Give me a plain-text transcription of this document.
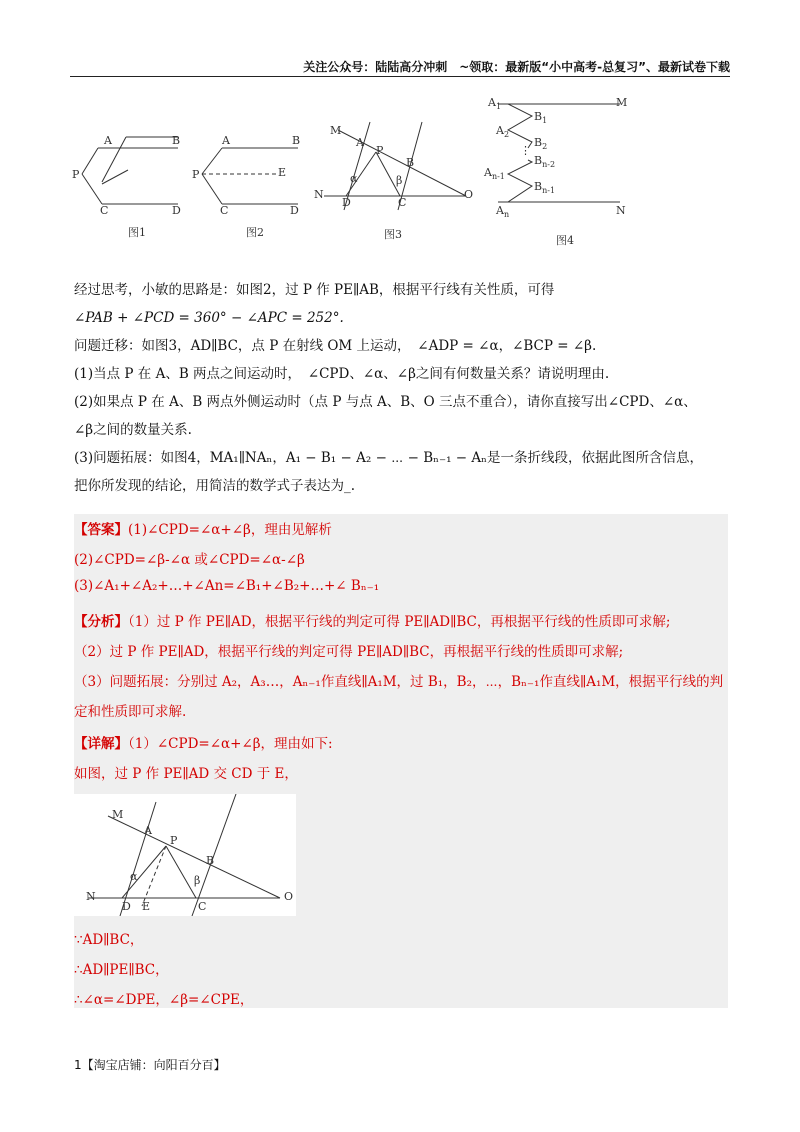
关注公众号：陆陆高分冲刺　~领取：最新版“小中高考-总复习”、最新试卷下载
图1
A	B
P
C	D
图2
A	B
P	E
C	D
图3
M
A
P
B
N
D	C
O
α	β
图4
$A_1$	M
$B_1$
$A_2$
$B_2$
⋮
$B_{n-2}$
$A_{n-1}$
$B_{n-1}$
$A_n$	N
经过思考，小敏的思路是：如图2，过 P 作 PE∥AB，根据平行线有关性质，可得
∠PAB + ∠PCD = 360° − ∠APC = 252°.
问题迁移：如图3，AD∥BC，点 P 在射线 OM 上运动，　∠ADP = ∠α，∠BCP = ∠β.
(1)当点 P 在 A、B 两点之间运动时，　∠CPD、∠α、∠β之间有何数量关系？请说明理由.
(2)如果点 P 在 A、B 两点外侧运动时（点 P 与点 A、B、O 三点不重合），请你直接写出∠CPD、∠α、
∠β之间的数量关系.
(3)问题拓展：如图4，MA₁∥NAₙ，A₁ − B₁ − A₂ − ⋯ − Bₙ₋₁ − Aₙ是一条折线段，依据此图所含信息，
把你所发现的结论，用简洁的数学式子表达为_.
【答案】(1)∠CPD=∠α+∠β，理由见解析
(2)∠CPD=∠β-∠α 或∠CPD=∠α-∠β
(3)∠A₁+∠A₂+…+∠An=∠B₁+∠B₂+…+∠ Bₙ₋₁
【分析】（1）过 P 作 PE∥AD，根据平行线的判定可得 PE∥AD∥BC，再根据平行线的性质即可求解;
（2）过 P 作 PE∥AD，根据平行线的判定可得 PE∥AD∥BC，再根据平行线的性质即可求解;
（3）问题拓展：分别过 A₂，A₃…，Aₙ₋₁作直线∥A₁M，过 B₁，B₂，⋯，Bₙ₋₁作直线∥A₁M，根据平行线的判
定和性质即可求解.
【详解】（1）∠CPD=∠α+∠β，理由如下:
如图，过 P 作 PE∥AD 交 CD 于 E，
M
A
P
B
N
D E	C
O
α	β
∵AD∥BC，
∴AD∥PE∥BC，
∴∠α=∠DPE，∠β=∠CPE，
1【淘宝店铺：向阳百分百】
